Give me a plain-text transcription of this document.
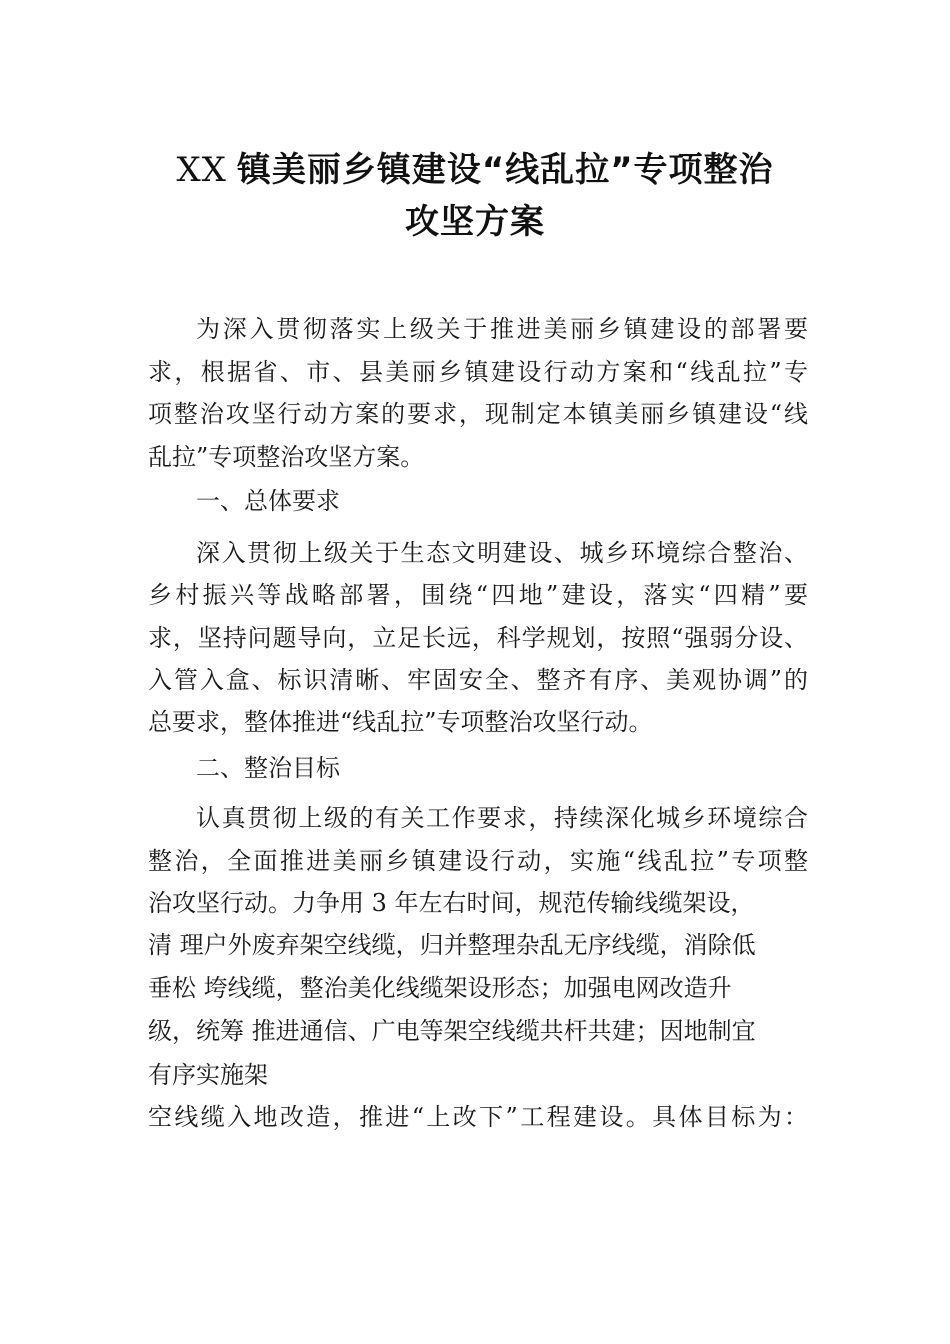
XX 镇美丽乡镇建设“线乱拉”专项整治
攻坚方案
为深入贯彻落实上级关于推进美丽乡镇建设的部署要
求，根据省、市、县美丽乡镇建设行动方案和“线乱拉”专
项整治攻坚行动方案的要求，现制定本镇美丽乡镇建设“线
乱拉”专项整治攻坚方案。
一、总体要求
深入贯彻上级关于生态文明建设、城乡环境综合整治、
乡村振兴等战略部署，围绕“四地”建设，落实“四精”要
求，坚持问题导向，立足长远，科学规划，按照“强弱分设、
入管入盒、标识清晰、牢固安全、整齐有序、美观协调”的
总要求，整体推进“线乱拉”专项整治攻坚行动。
二、整治目标
认真贯彻上级的有关工作要求，持续深化城乡环境综合
整治，全面推进美丽乡镇建设行动，实施“线乱拉”专项整
治攻坚行动。力争用 3 年左右时间，规范传输线缆架设，
清 理户外废弃架空线缆，归并整理杂乱无序线缆，消除低
垂松 垮线缆，整治美化线缆架设形态；加强电网改造升
级，统筹 推进通信、广电等架空线缆共杆共建；因地制宜
有序实施架
空线缆入地改造，推进“上改下”工程建设。具体目标为：
